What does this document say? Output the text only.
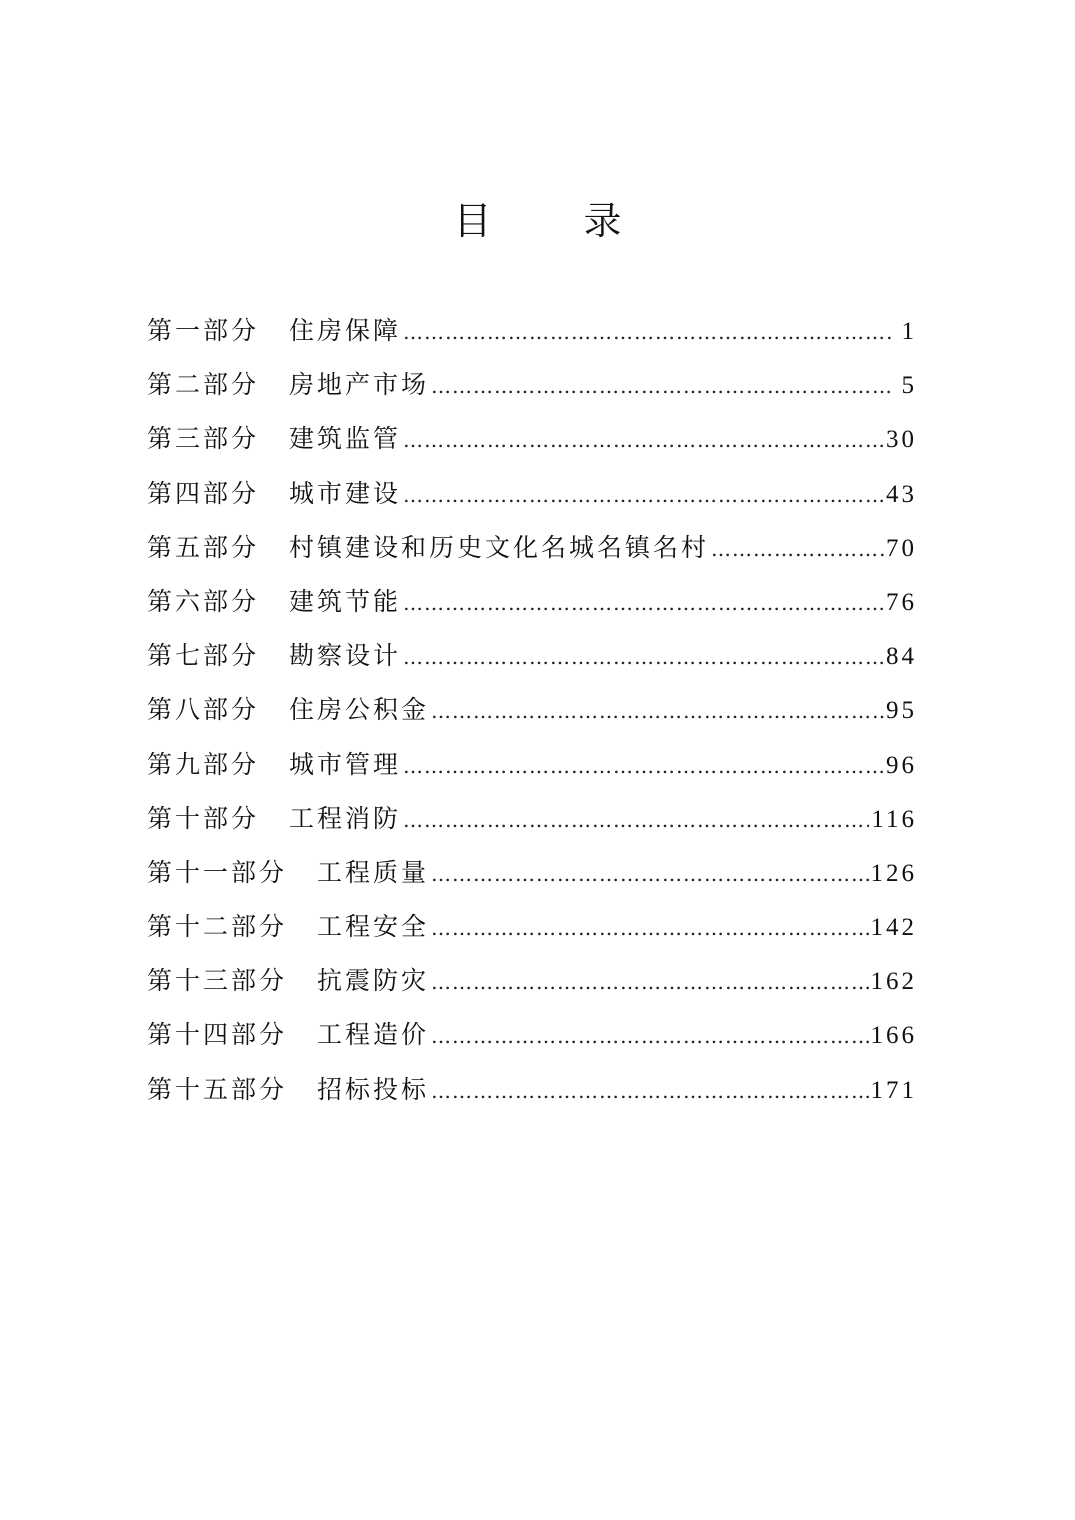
目 录
第一部分	住房保障 ………………………………………………………………………………………………………………………………	1
第二部分	房地产市场 ………………………………………………………………………………………………………………………………	5
第三部分	建筑监管 ………………………………………………………………………………………………………………………………	30
第四部分	城市建设 ………………………………………………………………………………………………………………………………	43
第五部分	村镇建设和历史文化名城名镇名村 ………………………………………………………………………………………………………………………………	70
第六部分	建筑节能 ………………………………………………………………………………………………………………………………	76
第七部分	勘察设计 ………………………………………………………………………………………………………………………………	84
第八部分	住房公积金 ………………………………………………………………………………………………………………………………	95
第九部分	城市管理 ………………………………………………………………………………………………………………………………	96
第十部分	工程消防 ………………………………………………………………………………………………………………………………	116
第十一部分	工程质量 ………………………………………………………………………………………………………………………………	126
第十二部分	工程安全 ………………………………………………………………………………………………………………………………	142
第十三部分	抗震防灾 ………………………………………………………………………………………………………………………………	162
第十四部分	工程造价 ………………………………………………………………………………………………………………………………	166
第十五部分	招标投标 ………………………………………………………………………………………………………………………………	171
